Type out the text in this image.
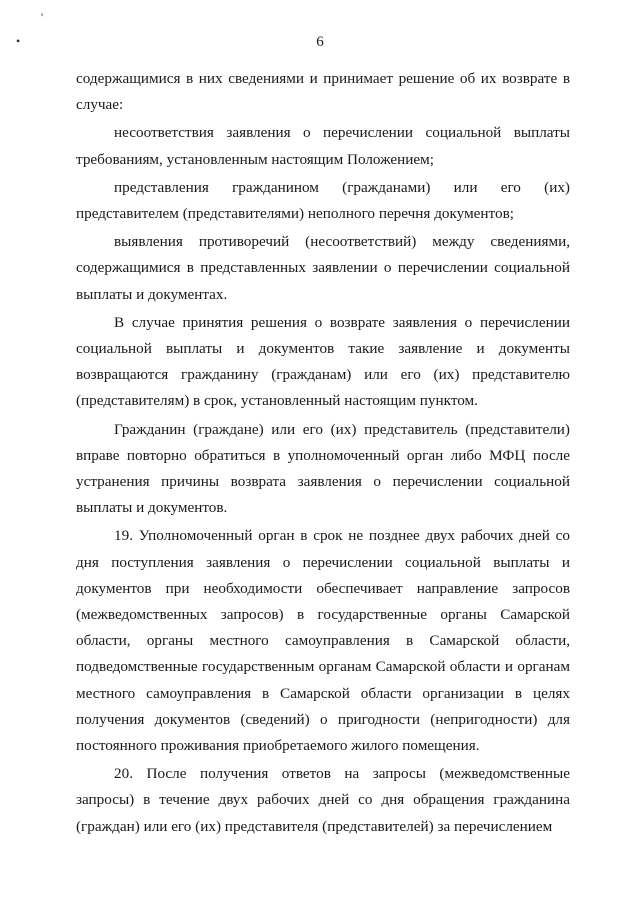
'
•	6

содержащимися в них сведениями и принимает решение об их возврате в случае:

несоответствия заявления о перечислении социальной выплаты требованиям, установленным настоящим Положением;

представления гражданином (гражданами) или его (их) представителем (представителями) неполного перечня документов;

выявления противоречий (несоответствий) между сведениями, содержащимися в представленных заявлении о перечислении социальной выплаты и документах.

В случае принятия решения о возврате заявления о перечислении социальной выплаты и документов такие заявление и документы возвращаются гражданину (гражданам) или его (их) представителю (представителям) в срок, установленный настоящим пунктом.

Гражданин (граждане) или его (их) представитель (представители) вправе повторно обратиться в уполномоченный орган либо МФЦ после устранения причины возврата заявления о перечислении социальной выплаты и документов.

19. Уполномоченный орган в срок не позднее двух рабочих дней со дня поступления заявления о перечислении социальной выплаты и документов при необходимости обеспечивает направление запросов (межведомственных запросов) в государственные органы Самарской области, органы местного самоуправления в Самарской области, подведомственные государственным органам Самарской области и органам местного самоуправления в Самарской области организации в целях получения документов (сведений) о пригодности (непригодности) для постоянного проживания приобретаемого жилого помещения.

20. После получения ответов на запросы (межведомственные запросы) в течение двух рабочих дней со дня обращения гражданина (граждан) или его (их) представителя (представителей) за перечислением
